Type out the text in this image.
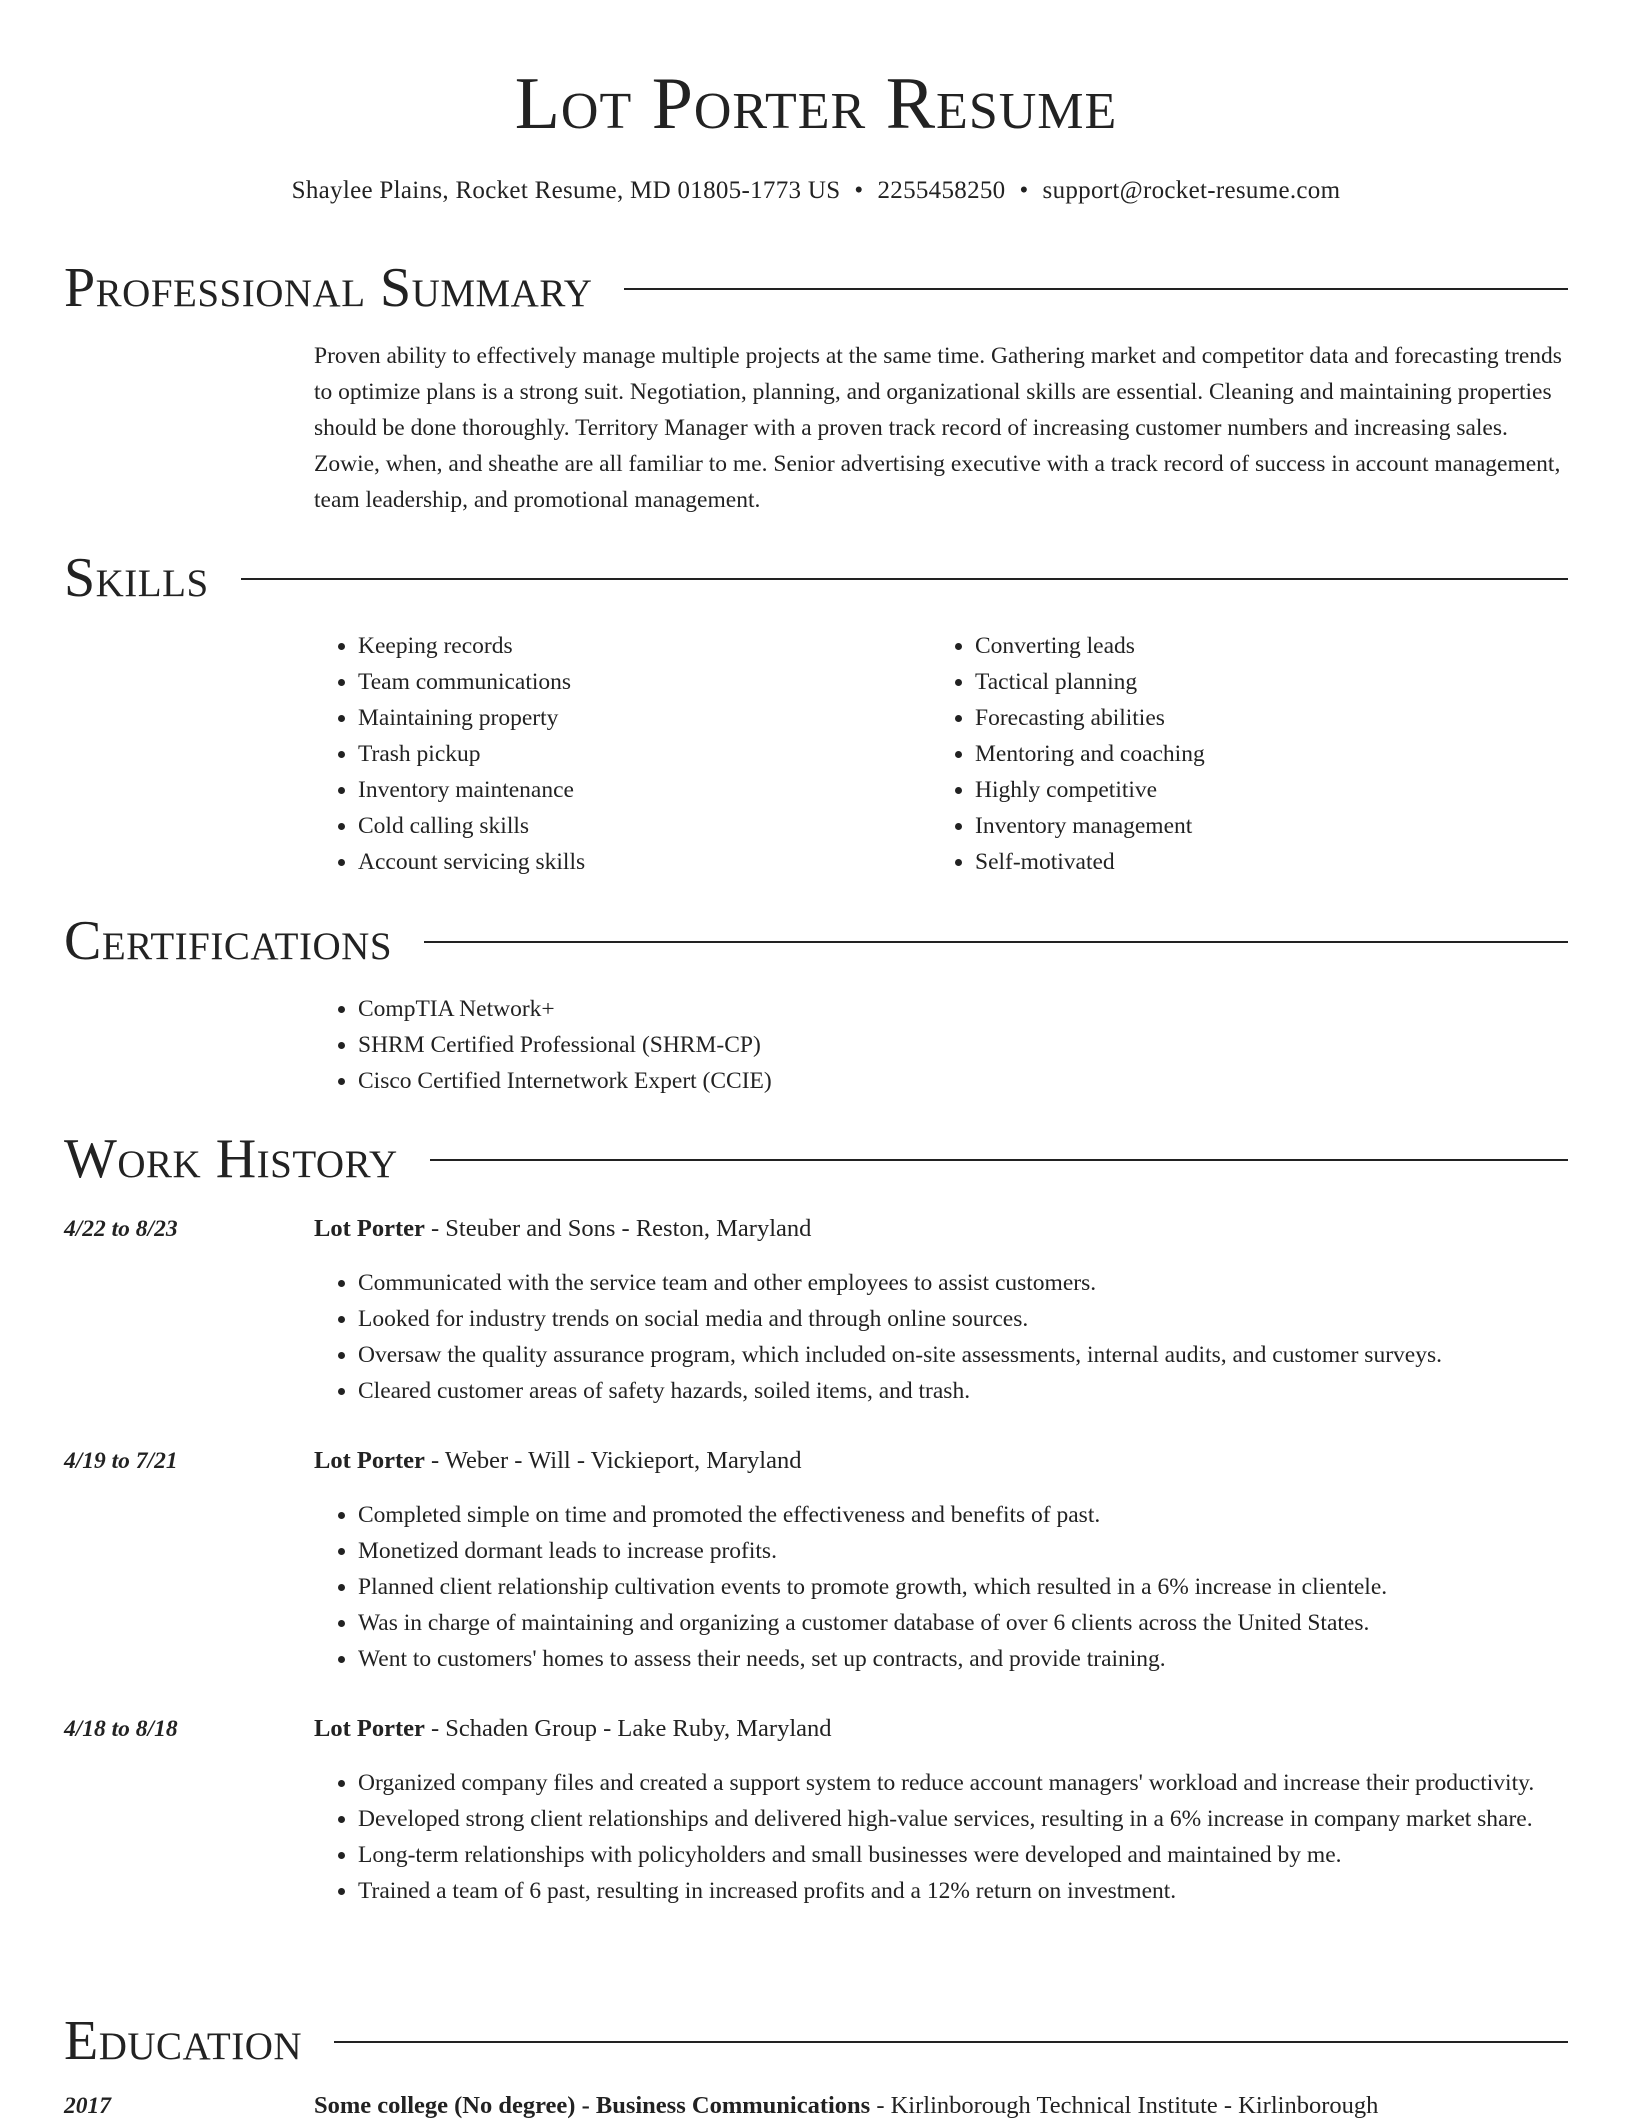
Lot Porter Resume
Shaylee Plains, Rocket Resume, MD 01805-1773 US • 2255458250 • support@rocket-resume.com
Professional Summary

Proven ability to effectively manage multiple projects at the same time. Gathering market and competitor data and forecasting trends to optimize plans is a strong suit. Negotiation, planning, and organizational skills are essential. Cleaning and maintaining properties should be done thoroughly. Territory Manager with a proven track record of increasing customer numbers and increasing sales. Zowie, when, and sheathe are all familiar to me. Senior advertising executive with a track record of success in account management, team leadership, and promotional management.

Skills
• Keeping records
• Team communications
• Maintaining property
• Trash pickup
• Inventory maintenance
• Cold calling skills
• Account servicing skills
• Converting leads
• Tactical planning
• Forecasting abilities
• Mentoring and coaching
• Highly competitive
• Inventory management
• Self-motivated
Certifications
• CompTIA Network+
• SHRM Certified Professional (SHRM-CP)
• Cisco Certified Internetwork Expert (CCIE)
Work History
4/22 to 8/23	Lot Porter - Steuber and Sons - Reston, Maryland
• Communicated with the service team and other employees to assist customers.
• Looked for industry trends on social media and through online sources.
• Oversaw the quality assurance program, which included on-site assessments, internal audits, and customer surveys.
• Cleared customer areas of safety hazards, soiled items, and trash.
4/19 to 7/21	Lot Porter - Weber - Will - Vickieport, Maryland
• Completed simple on time and promoted the effectiveness and benefits of past.
• Monetized dormant leads to increase profits.
• Planned client relationship cultivation events to promote growth, which resulted in a 6% increase in clientele.
• Was in charge of maintaining and organizing a customer database of over 6 clients across the United States.
• Went to customers' homes to assess their needs, set up contracts, and provide training.
4/18 to 8/18	Lot Porter - Schaden Group - Lake Ruby, Maryland
• Organized company files and created a support system to reduce account managers' workload and increase their productivity.
• Developed strong client relationships and delivered high-value services, resulting in a 6% increase in company market share.
• Long-term relationships with policyholders and small businesses were developed and maintained by me.
• Trained a team of 6 past, resulting in increased profits and a 12% return on investment.
Education
2017	Some college (No degree) - Business Communications - Kirlinborough Technical Institute - Kirlinborough
